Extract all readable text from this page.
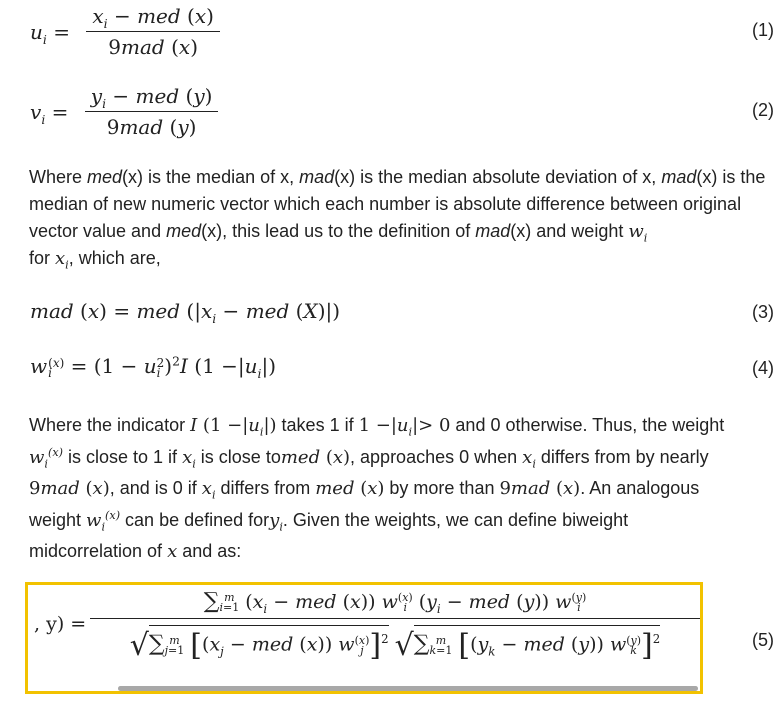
$u_i = \frac{x_i - med (x)}{\text{9mad (x)}}$	(1)
$v_i = \frac{y_i - med (y)}{\text{9mad (y)}}$	(2)
Where med(x) is the median of x, mad(x) is the median absolute deviation of x, mad(x) is the median of new numeric vector which each number is absolute difference between original vector value and med(x), this lead us to the definition of mad(x) and weight $w_i$
for $x_i$, which are,
mad (x) = med ($|x_i$ − med (X)|)	(3)
w (x)
i = (1 − u 2
i )$^2$I $(1 -|u_i|)$	(4)
Where the indicator I $(1 -|u_i|)$ takes 1 if $1 -|u_i|> 0$ and 0 otherwise. Thus, the weight
$w_i^{(x)}$ is close to 1 if $x_i$ is close tomed (x), approaches 0 when $x_i$ differs from by nearly
9mad (x), and is 0 if $x_i$ differs from med (x) by more than 9mad (x). An analogous
weight $w_i^{(x)}$ can be defined fory$_i$. Given the weights, we can define biweight
midcorrelation of x and as:
, y) =
∑ m
i=1 ($x_i$ − med (x)) w (x)
i ($y_i$ − med (y)) w (y)
i
√∑ m
j=1 [($x_j$ − med (x)) w (x)
j ]$^2$ √∑ m
k=1 [($y_k$ − med (y)) w (y)
k ]$^2$	(5)
